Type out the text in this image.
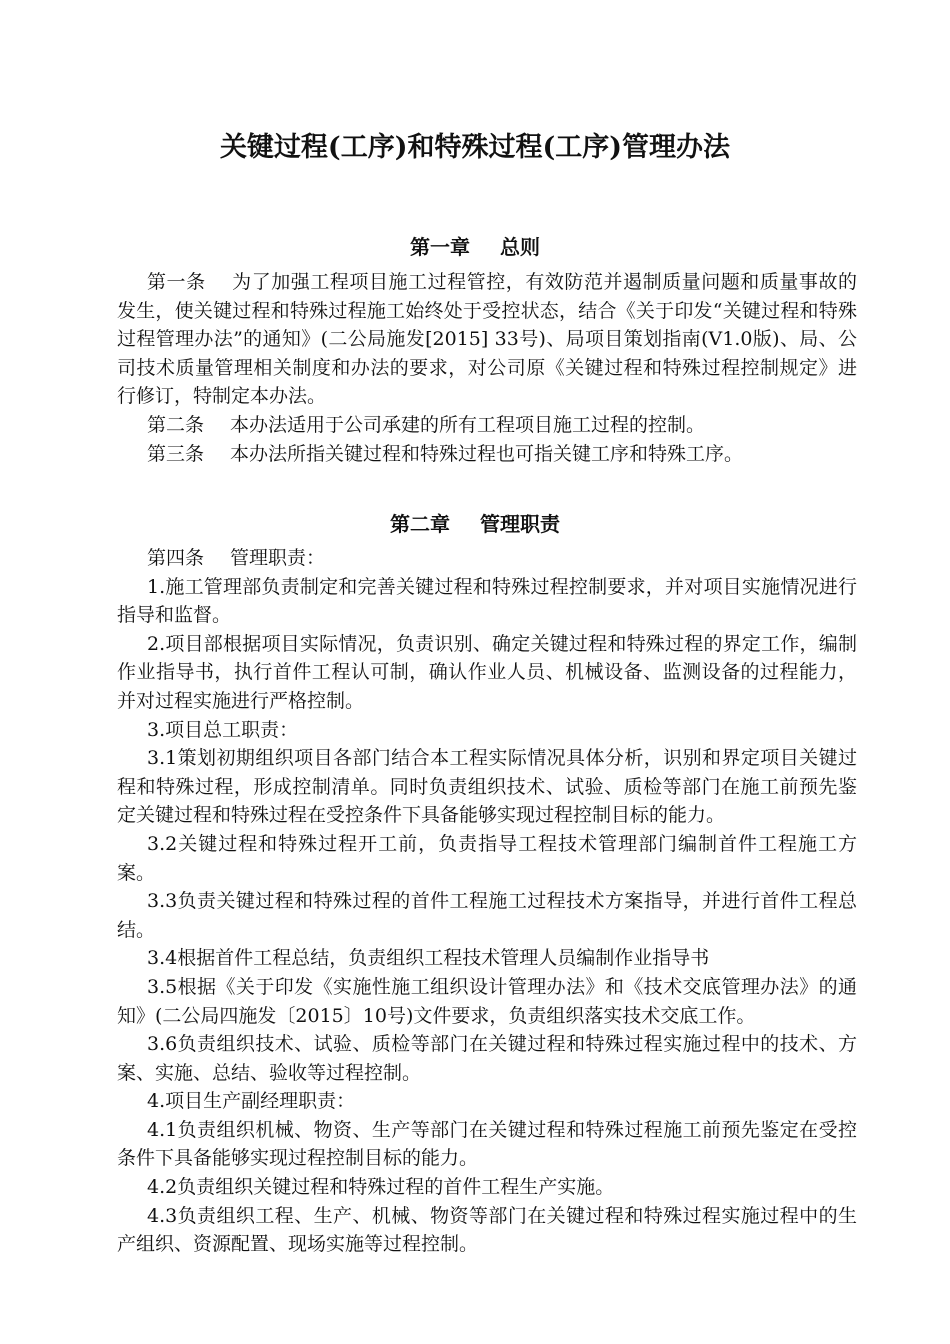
关键过程(工序)和特殊过程(工序)管理办法
第一章 总则

第一条 为了加强工程项目施工过程管控，有效防范并遏制质量问题和质量事故的发生，使关键过程和特殊过程施工始终处于受控状态，结合《关于印发“关键过程和特殊过程管理办法”的通知》(二公局施发[2015] 33号)、局项目策划指南(V1.0版)、局、公司技术质量管理相关制度和办法的要求，对公司原《关键过程和特殊过程控制规定》进行修订，特制定本办法。

第二条 本办法适用于公司承建的所有工程项目施工过程的控制。

第三条 本办法所指关键过程和特殊过程也可指关键工序和特殊工序。

第二章 管理职责

第四条 管理职责：

1.施工管理部负责制定和完善关键过程和特殊过程控制要求，并对项目实施情况进行指导和监督。

2.项目部根据项目实际情况，负责识别、确定关键过程和特殊过程的界定工作，编制作业指导书，执行首件工程认可制，确认作业人员、机械设备、监测设备的过程能力，并对过程实施进行严格控制。

3.项目总工职责：

3.1策划初期组织项目各部门结合本工程实际情况具体分析，识别和界定项目关键过程和特殊过程，形成控制清单。同时负责组织技术、试验、质检等部门在施工前预先鉴定关键过程和特殊过程在受控条件下具备能够实现过程控制目标的能力。

3.2关键过程和特殊过程开工前，负责指导工程技术管理部门编制首件工程施工方案。

3.3负责关键过程和特殊过程的首件工程施工过程技术方案指导，并进行首件工程总结。

3.4根据首件工程总结，负责组织工程技术管理人员编制作业指导书

3.5根据《关于印发《实施性施工组织设计管理办法》和《技术交底管理办法》的通知》(二公局四施发〔2015〕10号)文件要求，负责组织落实技术交底工作。

3.6负责组织技术、试验、质检等部门在关键过程和特殊过程实施过程中的技术、方案、实施、总结、验收等过程控制。

4.项目生产副经理职责：

4.1负责组织机械、物资、生产等部门在关键过程和特殊过程施工前预先鉴定在受控条件下具备能够实现过程控制目标的能力。

4.2负责组织关键过程和特殊过程的首件工程生产实施。

4.3负责组织工程、生产、机械、物资等部门在关键过程和特殊过程实施过程中的生产组织、资源配置、现场实施等过程控制。
